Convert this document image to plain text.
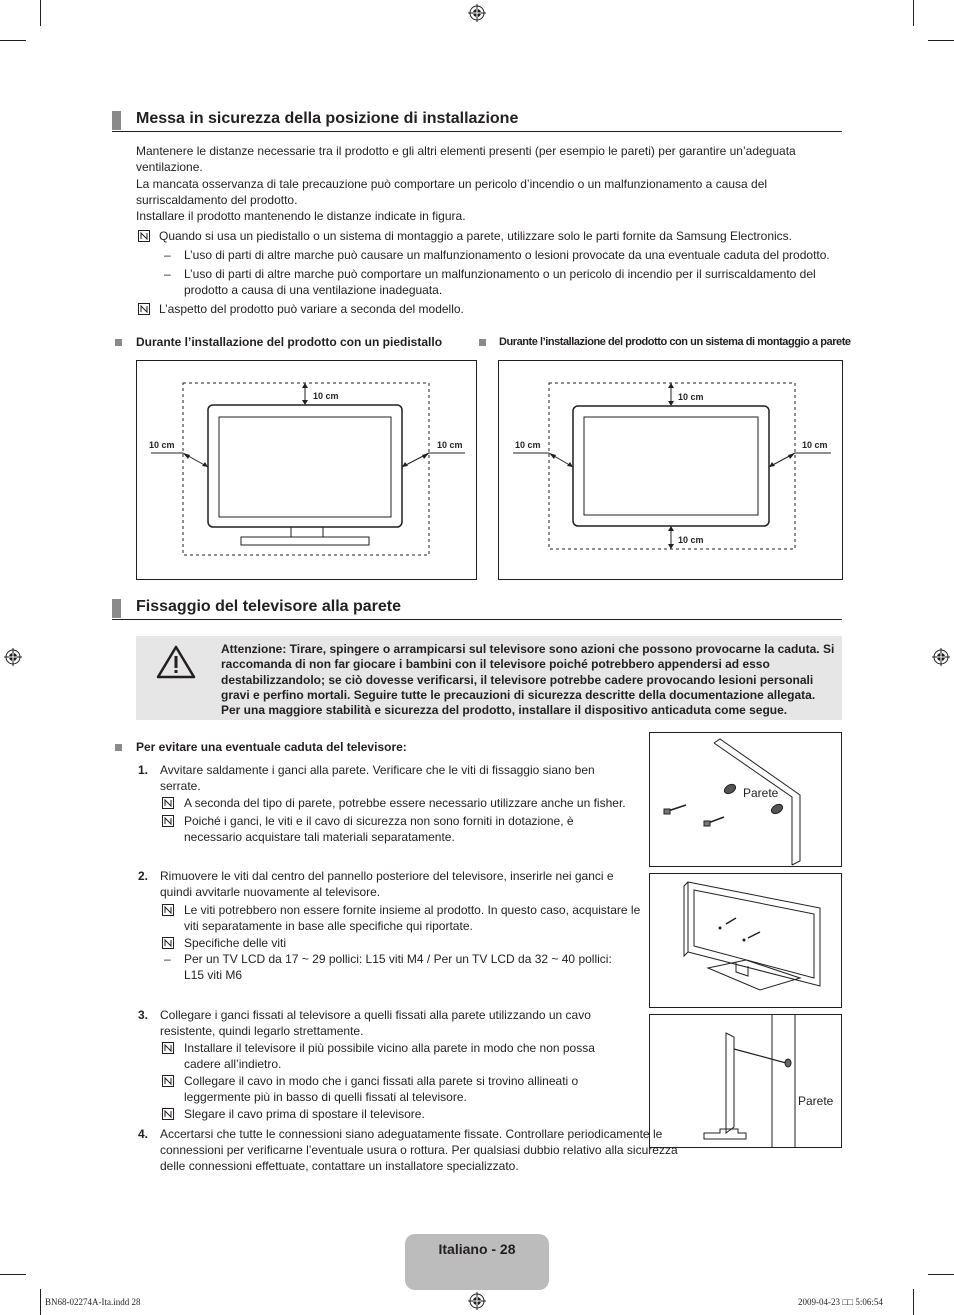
Messa in sicurezza della posizione di installazione
Mantenere le distanze necessarie tra il prodotto e gli altri elementi presenti (per esempio le pareti) per garantire un’adeguata ventilazione.
La mancata osservanza di tale precauzione può comportare un pericolo d’incendio o un malfunzionamento a causa del surriscaldamento del prodotto.
Installare il prodotto mantenendo le distanze indicate in figura.
Quando si usa un piedistallo o un sistema di montaggio a parete, utilizzare solo le parti fornite da Samsung Electronics.
– L’uso di parti di altre marche può causare un malfunzionamento o lesioni provocate da una eventuale caduta del prodotto.
– L’uso di parti di altre marche può comportare un malfunzionamento o un pericolo di incendio per il surriscaldamento del prodotto a causa di una ventilazione inadeguata.
L’aspetto del prodotto può variare a seconda del modello.
Durante l’installazione del prodotto con un piedistallo	Durante l’installazione del prodotto con un sistema di montaggio a parete
10 cm
10 cm	10 cm
10 cm
10 cm	10 cm
10 cm
Fissaggio del televisore alla parete
Attenzione: Tirare, spingere o arrampicarsi sul televisore sono azioni che possono provocarne la caduta. Si raccomanda di non far giocare i bambini con il televisore poiché potrebbero appendersi ad esso destabilizzandolo; se ciò dovesse verificarsi, il televisore potrebbe cadere provocando lesioni personali gravi e perfino mortali. Seguire tutte le precauzioni di sicurezza descritte della documentazione allegata. Per una maggiore stabilità e sicurezza del prodotto, installare il dispositivo anticaduta come segue.
Per evitare una eventuale caduta del televisore:
1. Avvitare saldamente i ganci alla parete. Verificare che le viti di fissaggio siano ben serrate.
A seconda del tipo di parete, potrebbe essere necessario utilizzare anche un fisher.
Poiché i ganci, le viti e il cavo di sicurezza non sono forniti in dotazione, è necessario acquistare tali materiali separatamente.
2. Rimuovere le viti dal centro del pannello posteriore del televisore, inserirle nei ganci e quindi avvitarle nuovamente al televisore.
Le viti potrebbero non essere fornite insieme al prodotto. In questo caso, acquistare le viti separatamente in base alle specifiche qui riportate.
Specifiche delle viti
– Per un TV LCD da 17 ~ 29 pollici: L15 viti M4 / Per un TV LCD da 32 ~ 40 pollici: L15 viti M6
3. Collegare i ganci fissati al televisore a quelli fissati alla parete utilizzando un cavo resistente, quindi legarlo strettamente.
Installare il televisore il più possibile vicino alla parete in modo che non possa cadere all’indietro.
Collegare il cavo in modo che i ganci fissati alla parete si trovino allineati o leggermente più in basso di quelli fissati al televisore.
Slegare il cavo prima di spostare il televisore.
4. Accertarsi che tutte le connessioni siano adeguatamente fissate. Controllare periodicamente le connessioni per verificarne l’eventuale usura o rottura. Per qualsiasi dubbio relativo alla sicurezza delle connessioni effettuate, contattare un installatore specializzato.
Parete
Parete
Italiano - 28
BN68-02274A-Ita.indd 28	2009-04-23 □□ 5:06:54
